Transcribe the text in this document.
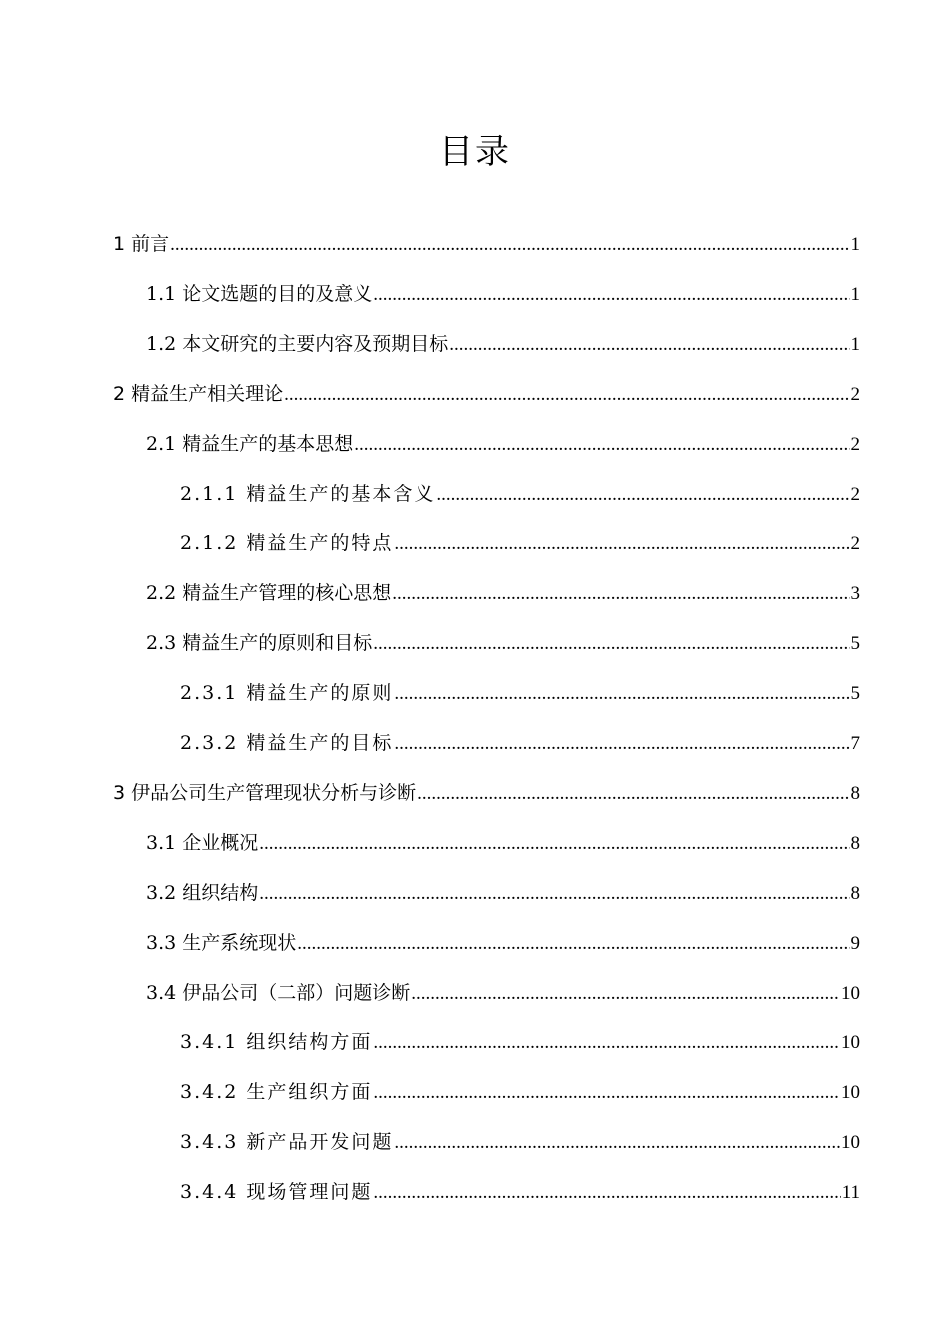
目录
1 前言 .....	1
1.1 论文选题的目的及意义 .....	1
1.2 本文研究的主要内容及预期目标 .....	1
2 精益生产相关理论 .....	2
2.1 精益生产的基本思想 .....	2
2.1.1 精益生产的基本含义 .....	2
2.1.2 精益生产的特点 .....	2
2.2 精益生产管理的核心思想 .....	3
2.3 精益生产的原则和目标 .....	5
2.3.1 精益生产的原则 .....	5
2.3.2 精益生产的目标 .....	7
3 伊品公司生产管理现状分析与诊断 .....	8
3.1 企业概况 .....	8
3.2 组织结构 .....	8
3.3 生产系统现状 .....	9
3.4 伊品公司（二部）问题诊断 .....	10
3.4.1 组织结构方面 .....	10
3.4.2 生产组织方面 .....	10
3.4.3 新产品开发问题 .....	10
3.4.4 现场管理问题 .....	11
